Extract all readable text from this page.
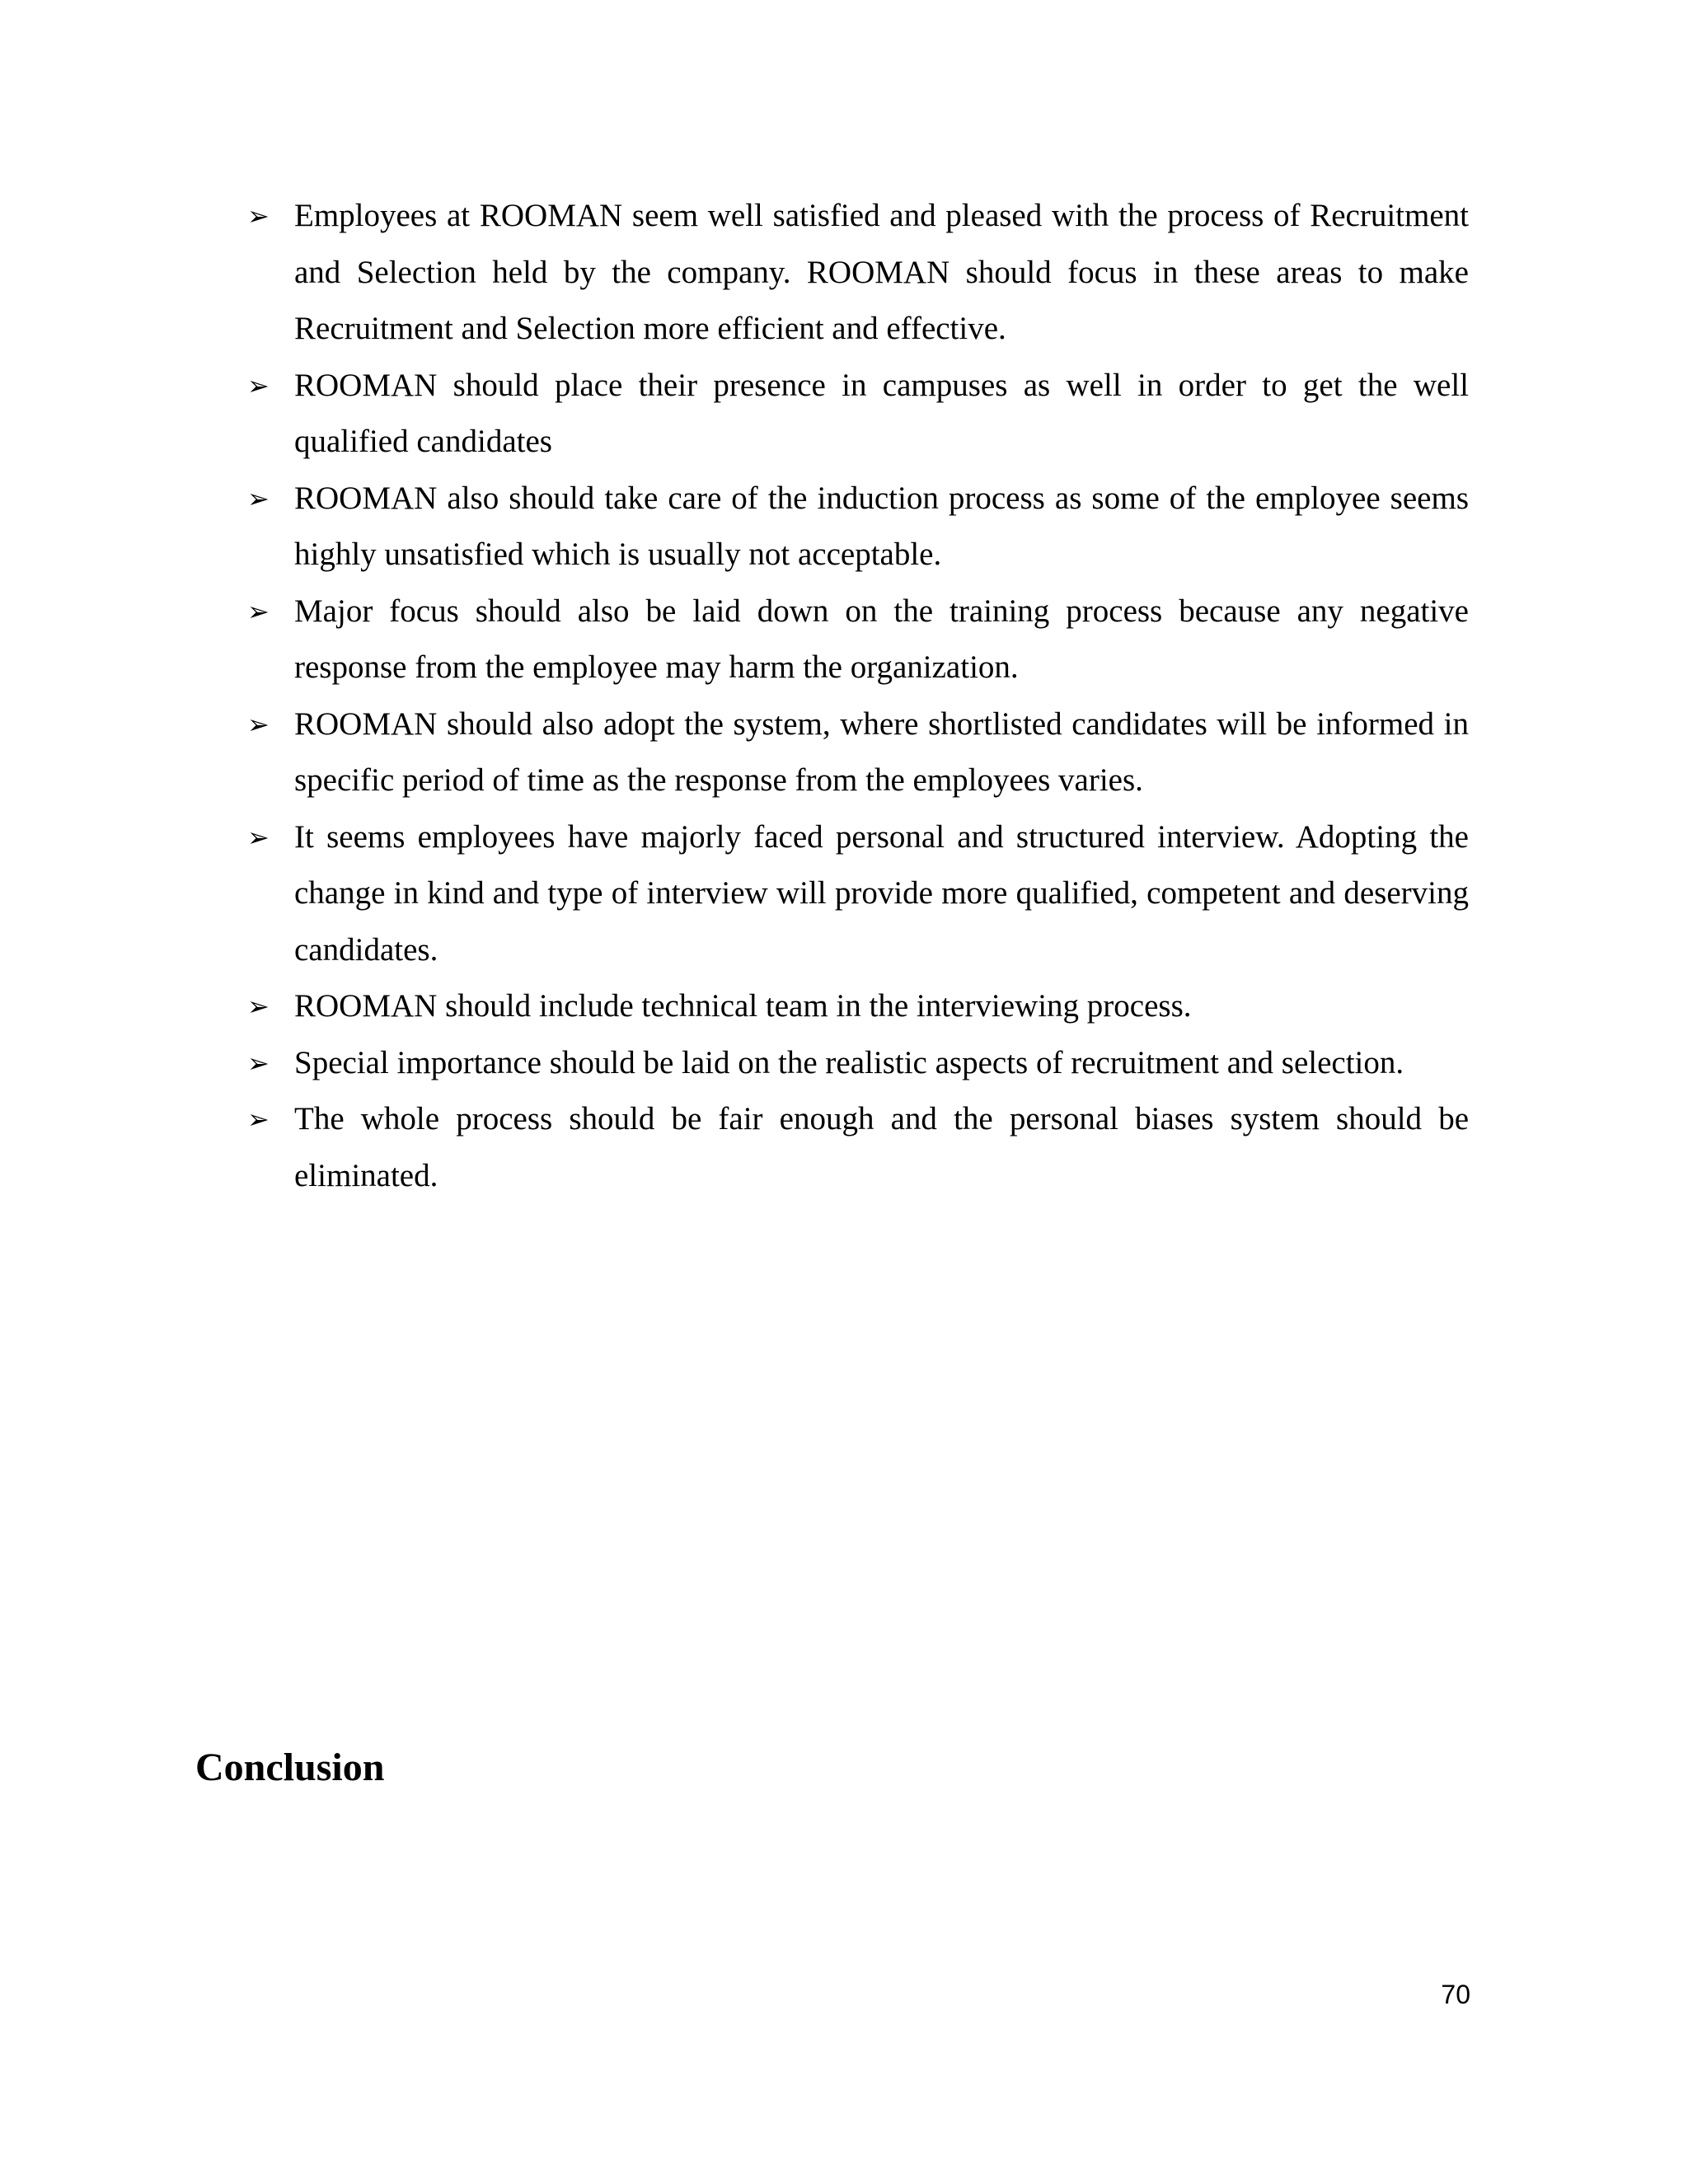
➢ Employees at ROOMAN seem well satisfied and pleased with the process of Recruitment and Selection held by the company. ROOMAN should focus in these areas to make Recruitment and Selection more efficient and effective.
➢ ROOMAN should place their presence in campuses as well in order to get the well qualified candidates
➢ ROOMAN also should take care of the induction process as some of the employee seems highly unsatisfied which is usually not acceptable.
➢ Major focus should also be laid down on the training process because any negative response from the employee may harm the organization.
➢ ROOMAN should also adopt the system, where shortlisted candidates will be informed in specific period of time as the response from the employees varies.
➢ It seems employees have majorly faced personal and structured interview. Adopting the change in kind and type of interview will provide more qualified, competent and deserving candidates.
➢ ROOMAN should include technical team in the interviewing process.
➢ Special importance should be laid on the realistic aspects of recruitment and selection.
➢ The whole process should be fair enough and the personal biases system should be eliminated.
Conclusion
70
